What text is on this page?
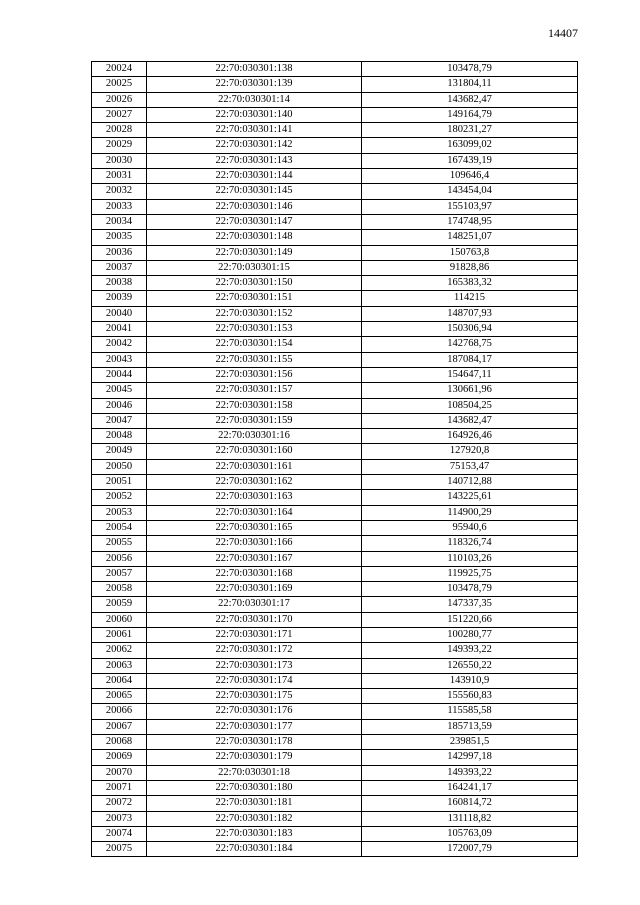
14407
20024	22:70:030301:138	103478,79
20025	22:70:030301:139	131804,11
20026	22:70:030301:14	143682,47
20027	22:70:030301:140	149164,79
20028	22:70:030301:141	180231,27
20029	22:70:030301:142	163099,02
20030	22:70:030301:143	167439,19
20031	22:70:030301:144	109646,4
20032	22:70:030301:145	143454,04
20033	22:70:030301:146	155103,97
20034	22:70:030301:147	174748,95
20035	22:70:030301:148	148251,07
20036	22:70:030301:149	150763,8
20037	22:70:030301:15	91828,86
20038	22:70:030301:150	165383,32
20039	22:70:030301:151	114215
20040	22:70:030301:152	148707,93
20041	22:70:030301:153	150306,94
20042	22:70:030301:154	142768,75
20043	22:70:030301:155	187084,17
20044	22:70:030301:156	154647,11
20045	22:70:030301:157	130661,96
20046	22:70:030301:158	108504,25
20047	22:70:030301:159	143682,47
20048	22:70:030301:16	164926,46
20049	22:70:030301:160	127920,8
20050	22:70:030301:161	75153,47
20051	22:70:030301:162	140712,88
20052	22:70:030301:163	143225,61
20053	22:70:030301:164	114900,29
20054	22:70:030301:165	95940,6
20055	22:70:030301:166	118326,74
20056	22:70:030301:167	110103,26
20057	22:70:030301:168	119925,75
20058	22:70:030301:169	103478,79
20059	22:70:030301:17	147337,35
20060	22:70:030301:170	151220,66
20061	22:70:030301:171	100280,77
20062	22:70:030301:172	149393,22
20063	22:70:030301:173	126550,22
20064	22:70:030301:174	143910,9
20065	22:70:030301:175	155560,83
20066	22:70:030301:176	115585,58
20067	22:70:030301:177	185713,59
20068	22:70:030301:178	239851,5
20069	22:70:030301:179	142997,18
20070	22:70:030301:18	149393,22
20071	22:70:030301:180	164241,17
20072	22:70:030301:181	160814,72
20073	22:70:030301:182	131118,82
20074	22:70:030301:183	105763,09
20075	22:70:030301:184	172007,79
